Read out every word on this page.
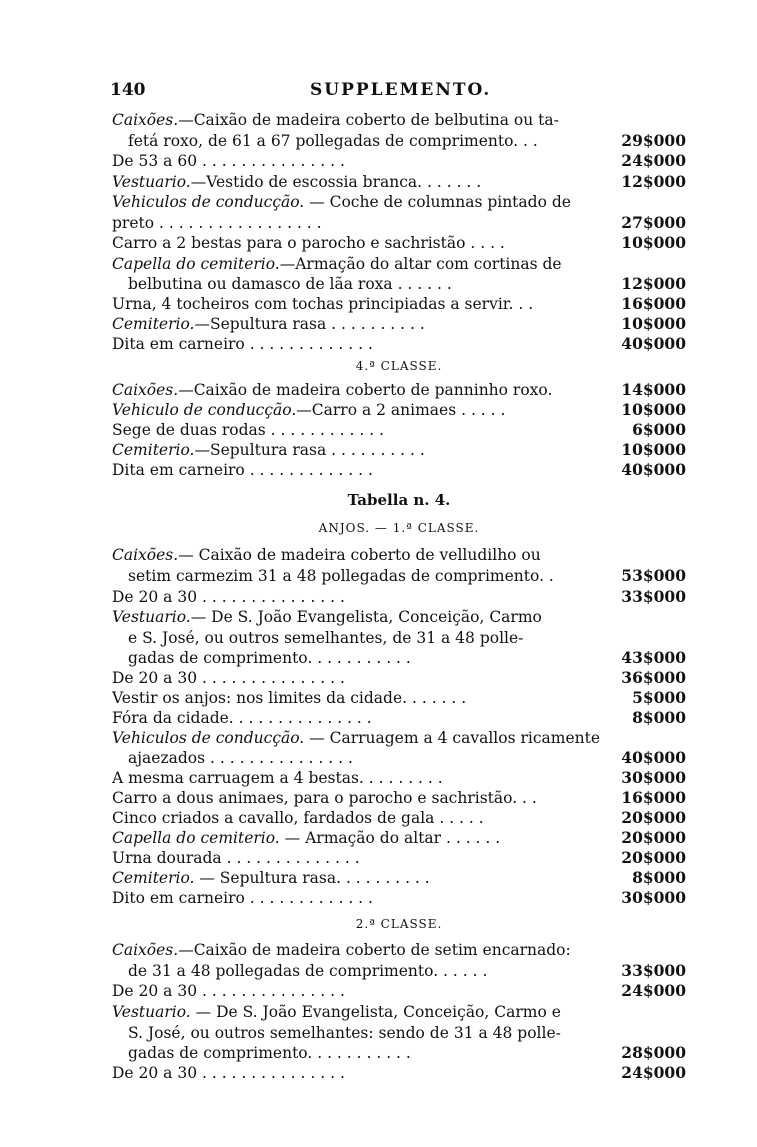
140	SUPPLEMENTO.
Caixões.—Caixão de madeira coberto de belbutina ou ta-
fetá roxo, de 61 a 67 pollegadas de comprimento. . .	29$000
De 53 a 60 . . . . . . . . . . . . . . .	24$000
Vestuario.—Vestido de escossia branca. . . . . . .	12$000
Vehiculos de conducção. — Coche de columnas pintado de
preto . . . . . . . . . . . . . . . . .	27$000
Carro a 2 bestas para o parocho e sachristão . . . .	10$000
Capella do cemiterio.—Armação do altar com cortinas de
belbutina ou damasco de lãa roxa . . . . . .	12$000
Urna, 4 tocheiros com tochas principiadas a servir. . .	16$000
Cemiterio.—Sepultura rasa . . . . . . . . . .	10$000
Dita em carneiro . . . . . . . . . . . . .	40$000
Caixões.—Caixão de madeira coberto de panninho roxo.	14$000
Vehiculo de conducção.—Carro a 2 animaes . . . . .	10$000
Sege de duas rodas . . . . . . . . . . . .	6$000
Cemiterio.—Sepultura rasa . . . . . . . . . .	10$000
Dita em carneiro . . . . . . . . . . . . .	40$000
Caixões.— Caixão de madeira coberto de velludilho ou
setim carmezim 31 a 48 pollegadas de comprimento. .	53$000
De 20 a 30 . . . . . . . . . . . . . . .	33$000
Vestuario.— De S. João Evangelista, Conceição, Carmo
e S. José, ou outros semelhantes, de 31 a 48 polle-
gadas de comprimento. . . . . . . . . . .	43$000
De 20 a 30 . . . . . . . . . . . . . . .	36$000
Vestir os anjos: nos limites da cidade. . . . . . .	5$000
Fóra da cidade. . . . . . . . . . . . . . .	8$000
Vehiculos de conducção. — Carruagem a 4 cavallos ricamente
ajaezados . . . . . . . . . . . . . . .	40$000
A mesma carruagem a 4 bestas. . . . . . . . .	30$000
Carro a dous animaes, para o parocho e sachristão. . .	16$000
Cinco criados a cavallo, fardados de gala . . . . .	20$000
Capella do cemiterio. — Armação do altar . . . . . .	20$000
Urna dourada . . . . . . . . . . . . . .	20$000
Cemiterio. — Sepultura rasa. . . . . . . . . .	8$000
Dito em carneiro . . . . . . . . . . . . .	30$000
Caixões.—Caixão de madeira coberto de setim encarnado:
de 31 a 48 pollegadas de comprimento. . . . . .	33$000
De 20 a 30 . . . . . . . . . . . . . . .	24$000
Vestuario. — De S. João Evangelista, Conceição, Carmo e
S. José, ou outros semelhantes: sendo de 31 a 48 polle-
gadas de comprimento. . . . . . . . . . .	28$000
De 20 a 30 . . . . . . . . . . . . . . .	24$000
4.ª CLASSE.
Tabella n. 4.
ANJOS. — 1.ª CLASSE.
2.ª CLASSE.
